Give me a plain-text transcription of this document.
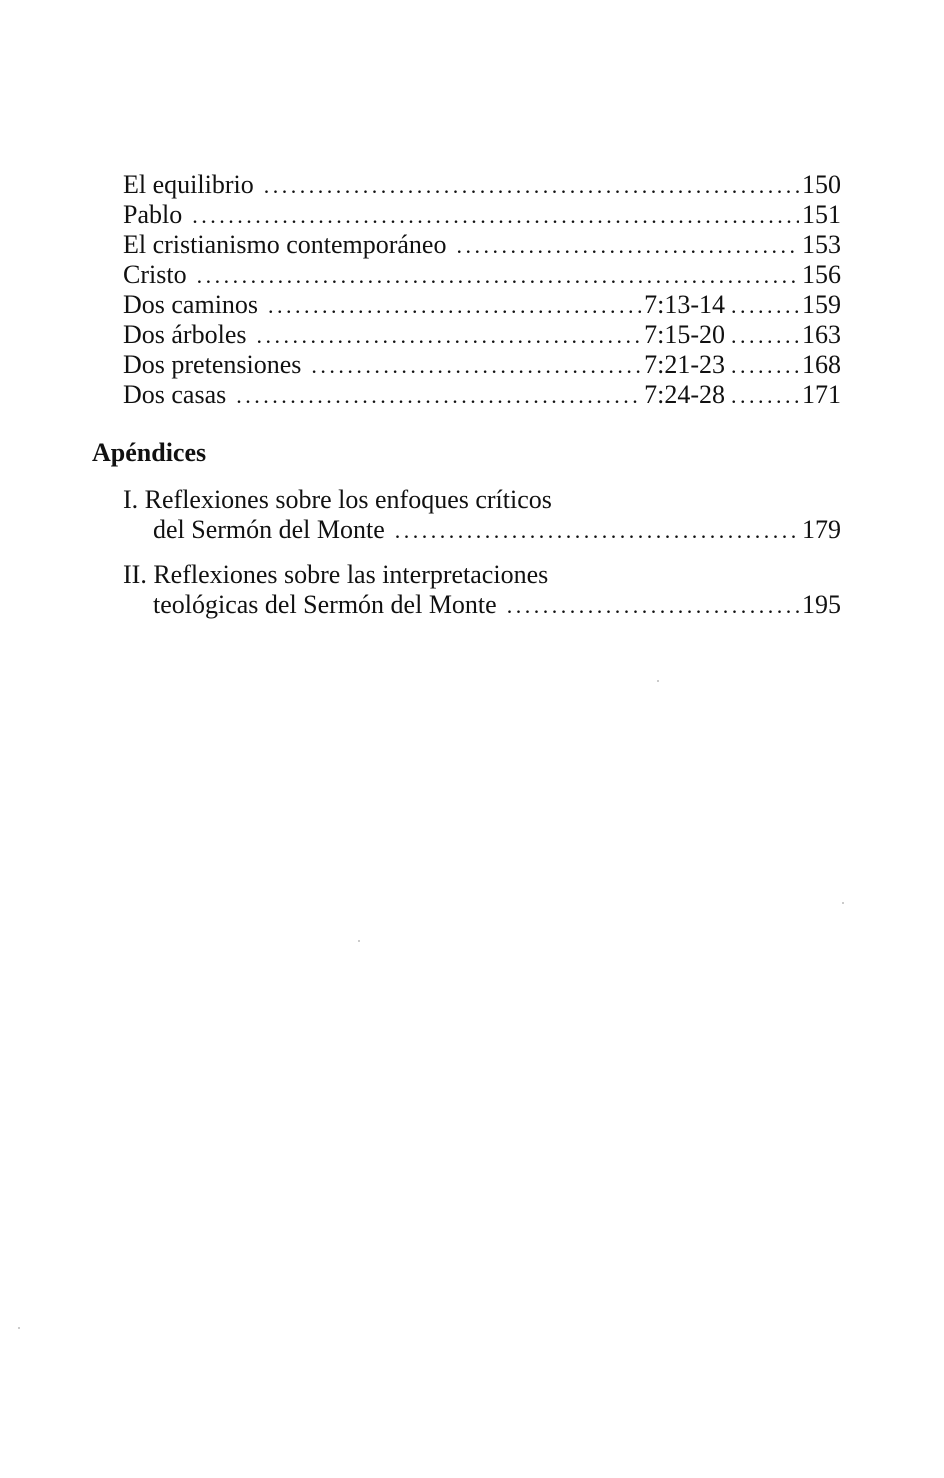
El equilibrio . . .	150
Pablo . . .	151
El cristianismo contemporáneo . . .	153
Cristo . . .	156
Dos caminos . . .	7:13-14 . . .	159
Dos árboles . . .	7:15-20 . . .	163
Dos pretensiones . . .	7:21-23 . . .	168
Dos casas . . .	7:24-28 . . .	171
Apéndices
I. Reflexiones sobre los enfoques críticos
del Sermón del Monte . . .	179
II. Reflexiones sobre las interpretaciones
teológicas del Sermón del Monte . . .	195
